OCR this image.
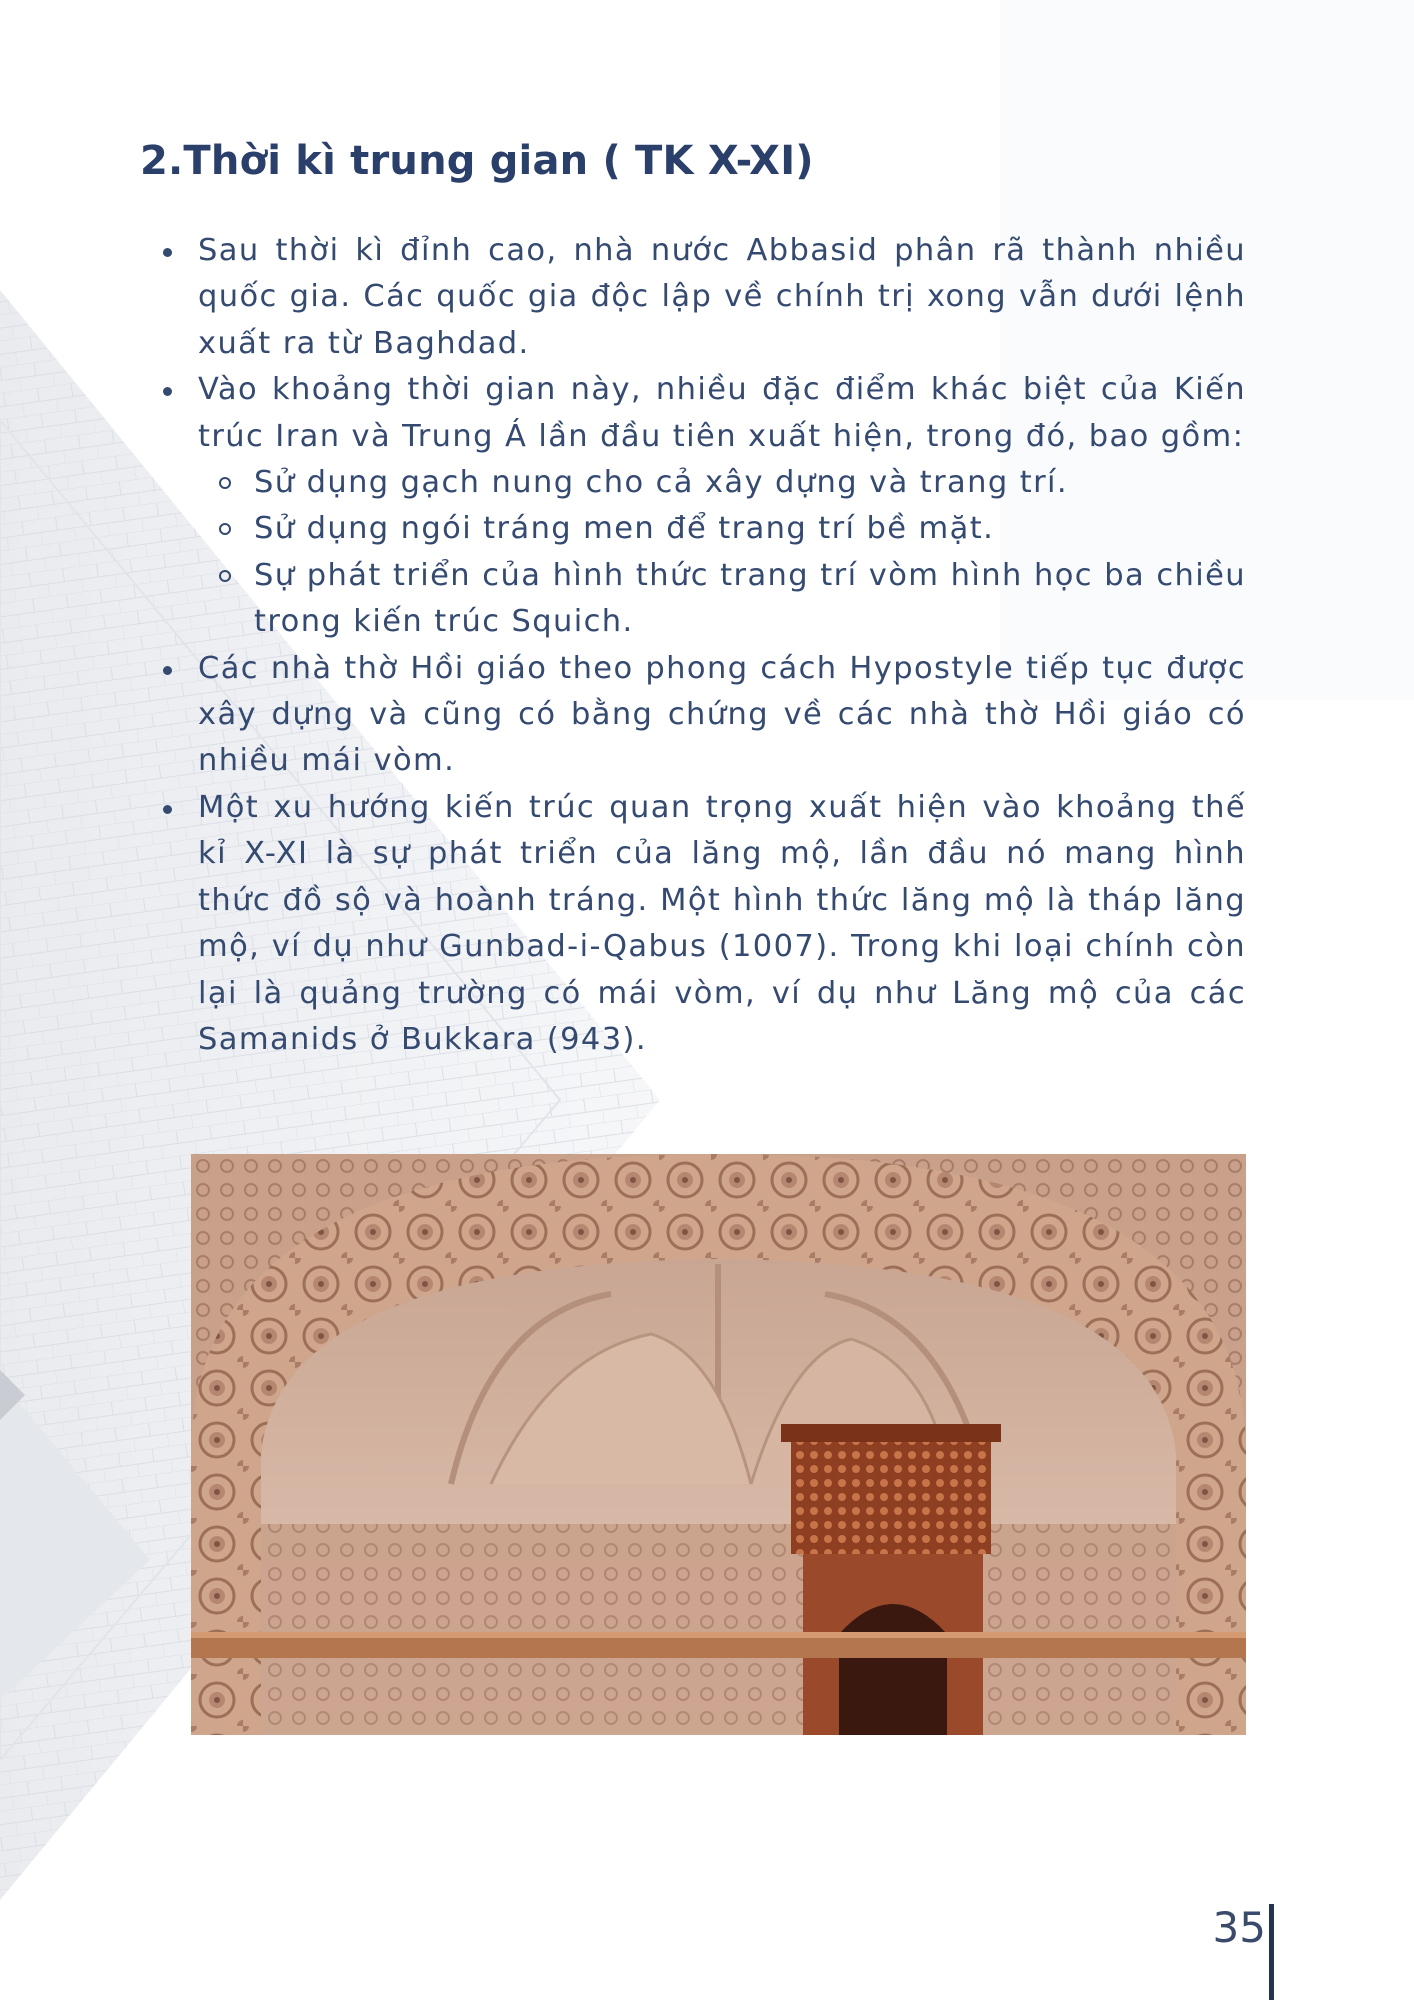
2.Thời kì trung gian ( TK X-XI)
Sau thời kì đỉnh cao, nhà nước Abbasid phân rã thành nhiều quốc gia. Các quốc gia độc lập về chính trị xong vẫn dưới lệnh xuất ra từ Baghdad.
Vào khoảng thời gian này, nhiều đặc điểm khác biệt của Kiến trúc Iran và Trung Á lần đầu tiên xuất hiện, trong đó, bao gồm:
Sử dụng gạch nung cho cả xây dựng và trang trí.
Sử dụng ngói tráng men để trang trí bề mặt.
Sự phát triển của hình thức trang trí vòm hình học ba chiều trong kiến trúc Squich.
Các nhà thờ Hồi giáo theo phong cách Hypostyle tiếp tục được xây dựng và cũng có bằng chứng về các nhà thờ Hồi giáo có nhiều mái vòm.
Một xu hướng kiến trúc quan trọng xuất hiện vào khoảng thế kỉ X-XI là sự phát triển của lăng mộ, lần đầu nó mang hình thức đồ sộ và hoành tráng. Một hình thức lăng mộ là tháp lăng mộ, ví dụ như Gunbad-i-Qabus (1007). Trong khi loại chính còn lại là quảng trường có mái vòm, ví dụ như Lăng mộ của các Samanids ở Bukkara (943).
35
